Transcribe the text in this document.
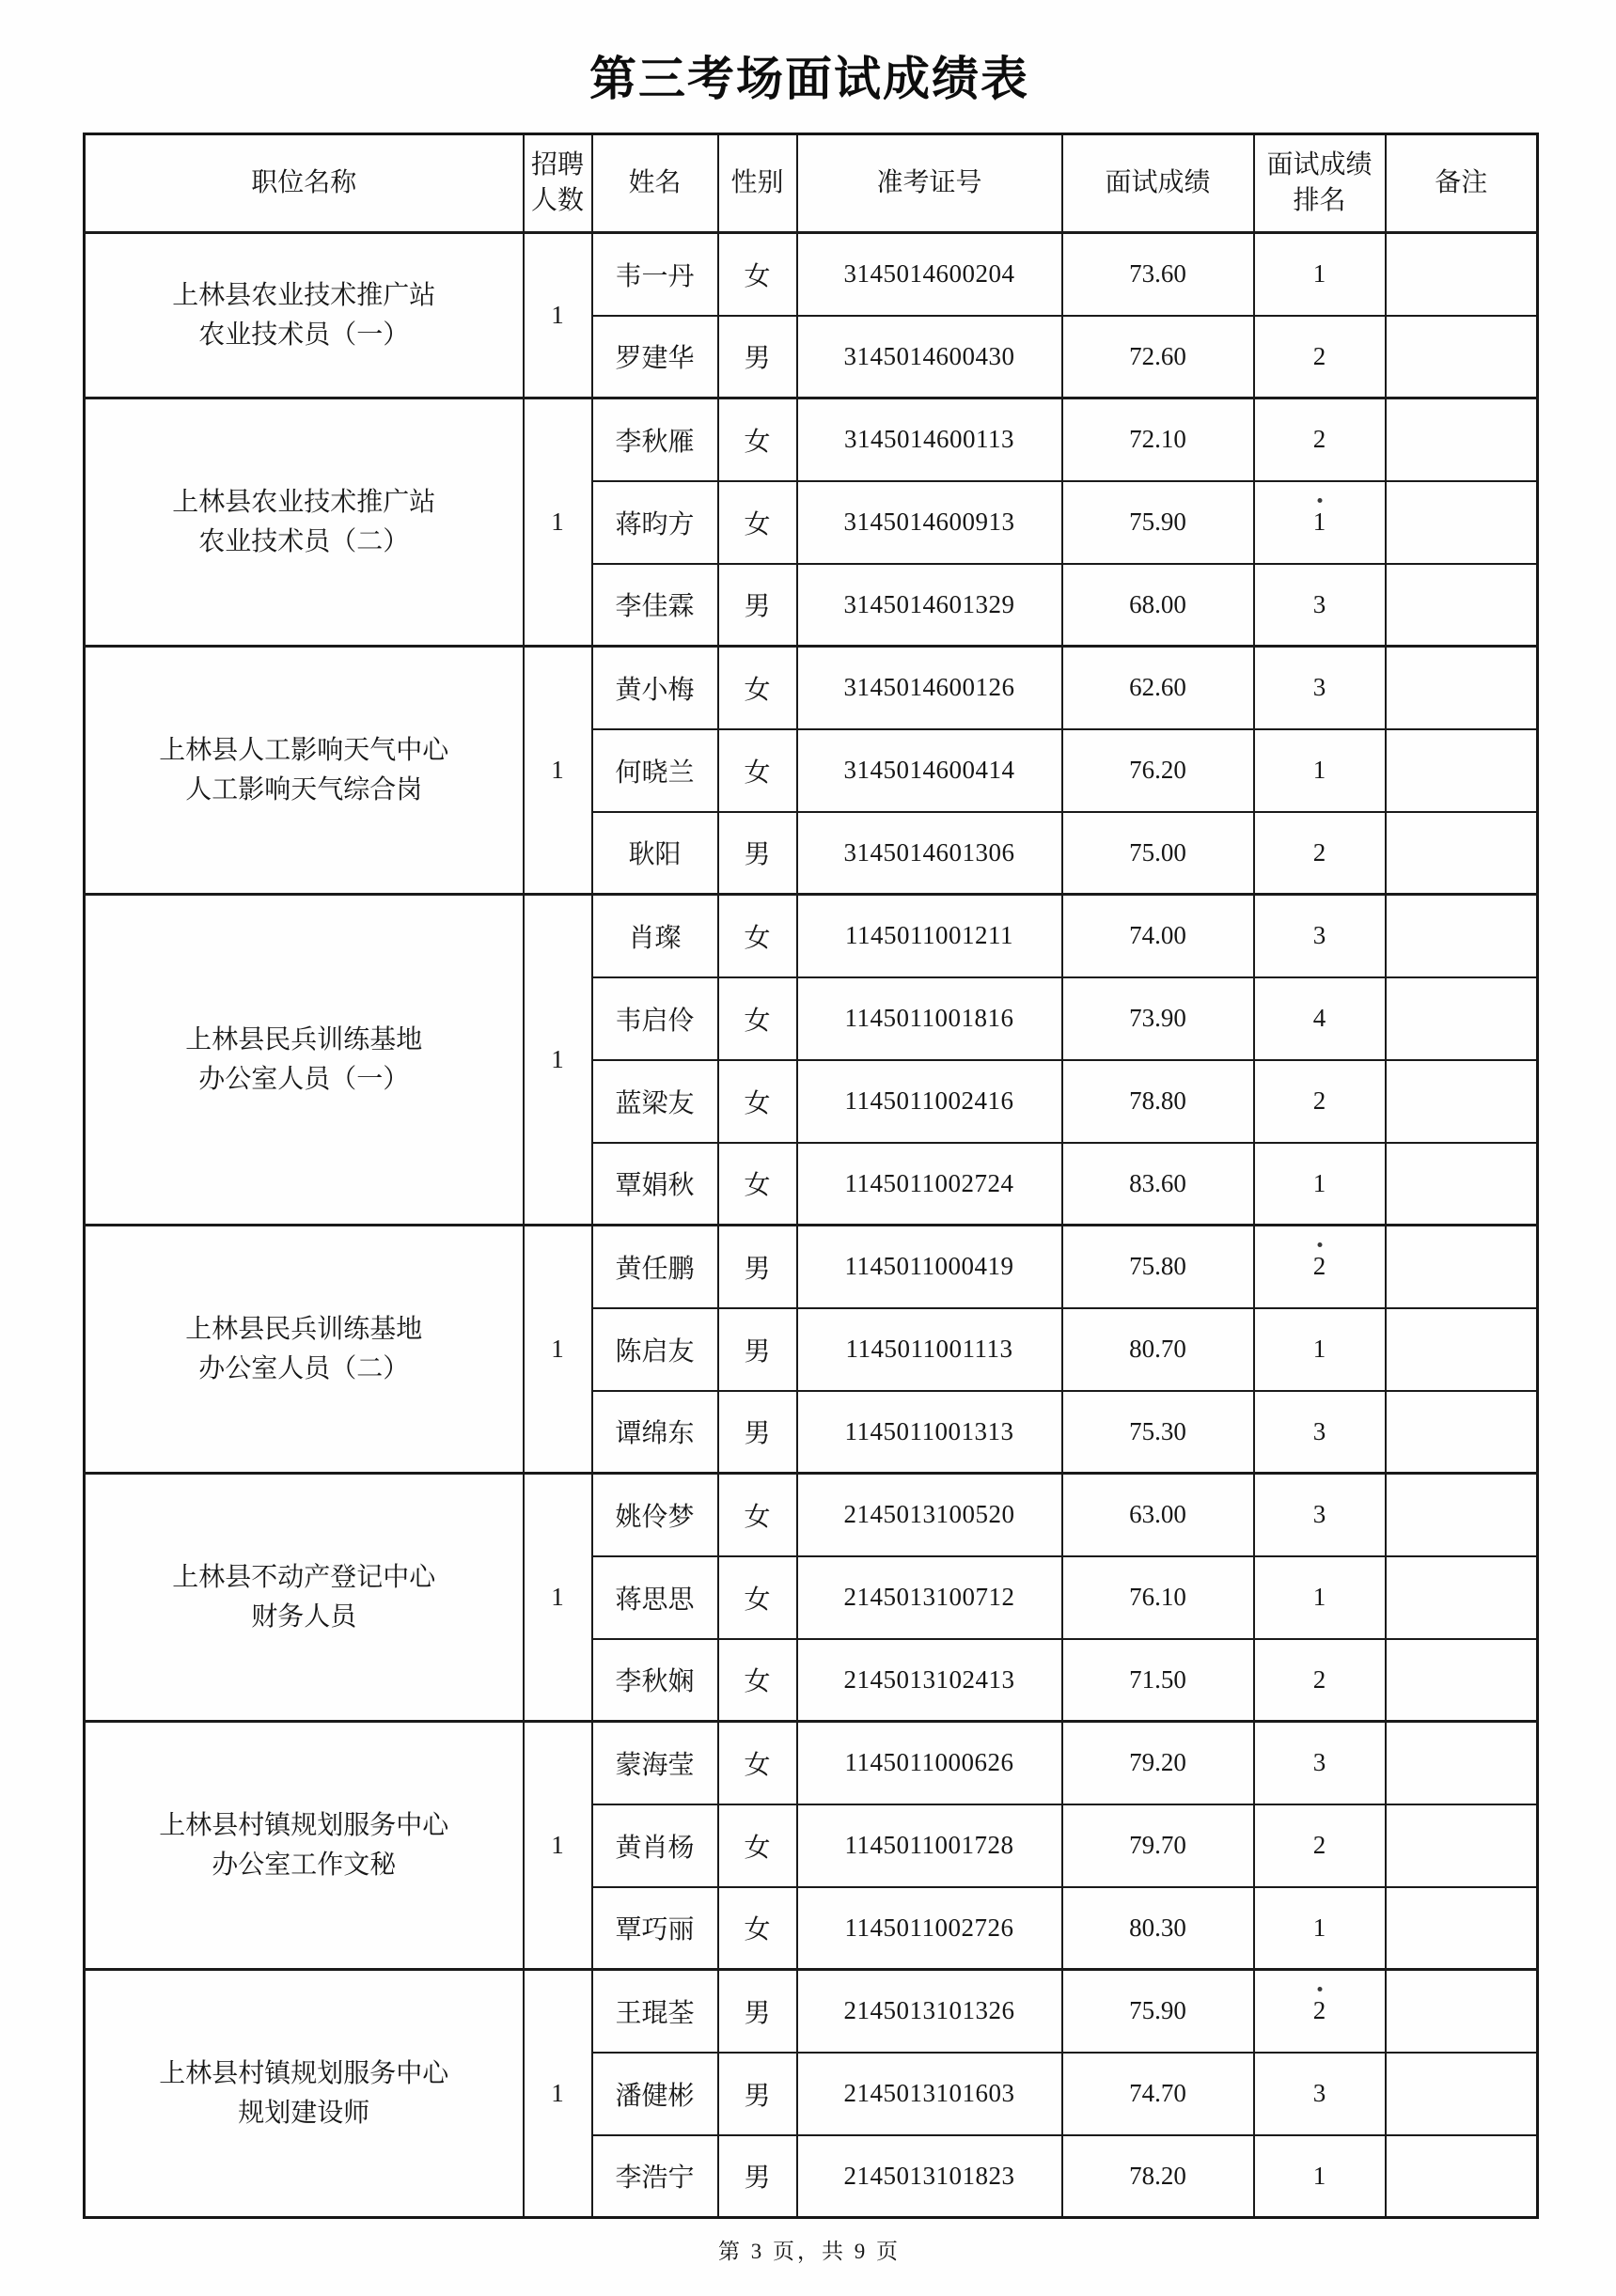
第三考场面试成绩表
职位名称	招聘人数	姓名	性别	准考证号	面试成绩	面试成绩排名	备注

上林县农业技术推广站
农业技术员（一）	1	韦一丹	女	3145014600204	73.60	1	
		罗建华	男	3145014600430	72.60	2	

上林县农业技术推广站
农业技术员（二）	1	李秋雁	女	3145014600113	72.10	2	
		蒋昀方	女	3145014600913	75.90	1	
		李佳霖	男	3145014601329	68.00	3	

上林县人工影响天气中心
人工影响天气综合岗	1	黄小梅	女	3145014600126	62.60	3	
		何晓兰	女	3145014600414	76.20	1	
		耿阳	男	3145014601306	75.00	2	

上林县民兵训练基地
办公室人员（一）	1	肖璨	女	1145011001211	74.00	3	
		韦启伶	女	1145011001816	73.90	4	
		蓝梁友	女	1145011002416	78.80	2	
		覃娟秋	女	1145011002724	83.60	1	

上林县民兵训练基地
办公室人员（二）	1	黄任鹏	男	1145011000419	75.80	2	
		陈启友	男	1145011001113	80.70	1	
		谭绵东	男	1145011001313	75.30	3	

上林县不动产登记中心
财务人员	1	姚伶梦	女	2145013100520	63.00	3	
		蒋思思	女	2145013100712	76.10	1	
		李秋娴	女	2145013102413	71.50	2	

上林县村镇规划服务中心
办公室工作文秘	1	蒙海莹	女	1145011000626	79.20	3	
		黄肖杨	女	1145011001728	79.70	2	
		覃巧丽	女	1145011002726	80.30	1	

上林县村镇规划服务中心
规划建设师	1	王琨荃	男	2145013101326	75.90	2	
		潘健彬	男	2145013101603	74.70	3	
		李浩宁	男	2145013101823	78.20	1	
第 3 页，共 9 页
